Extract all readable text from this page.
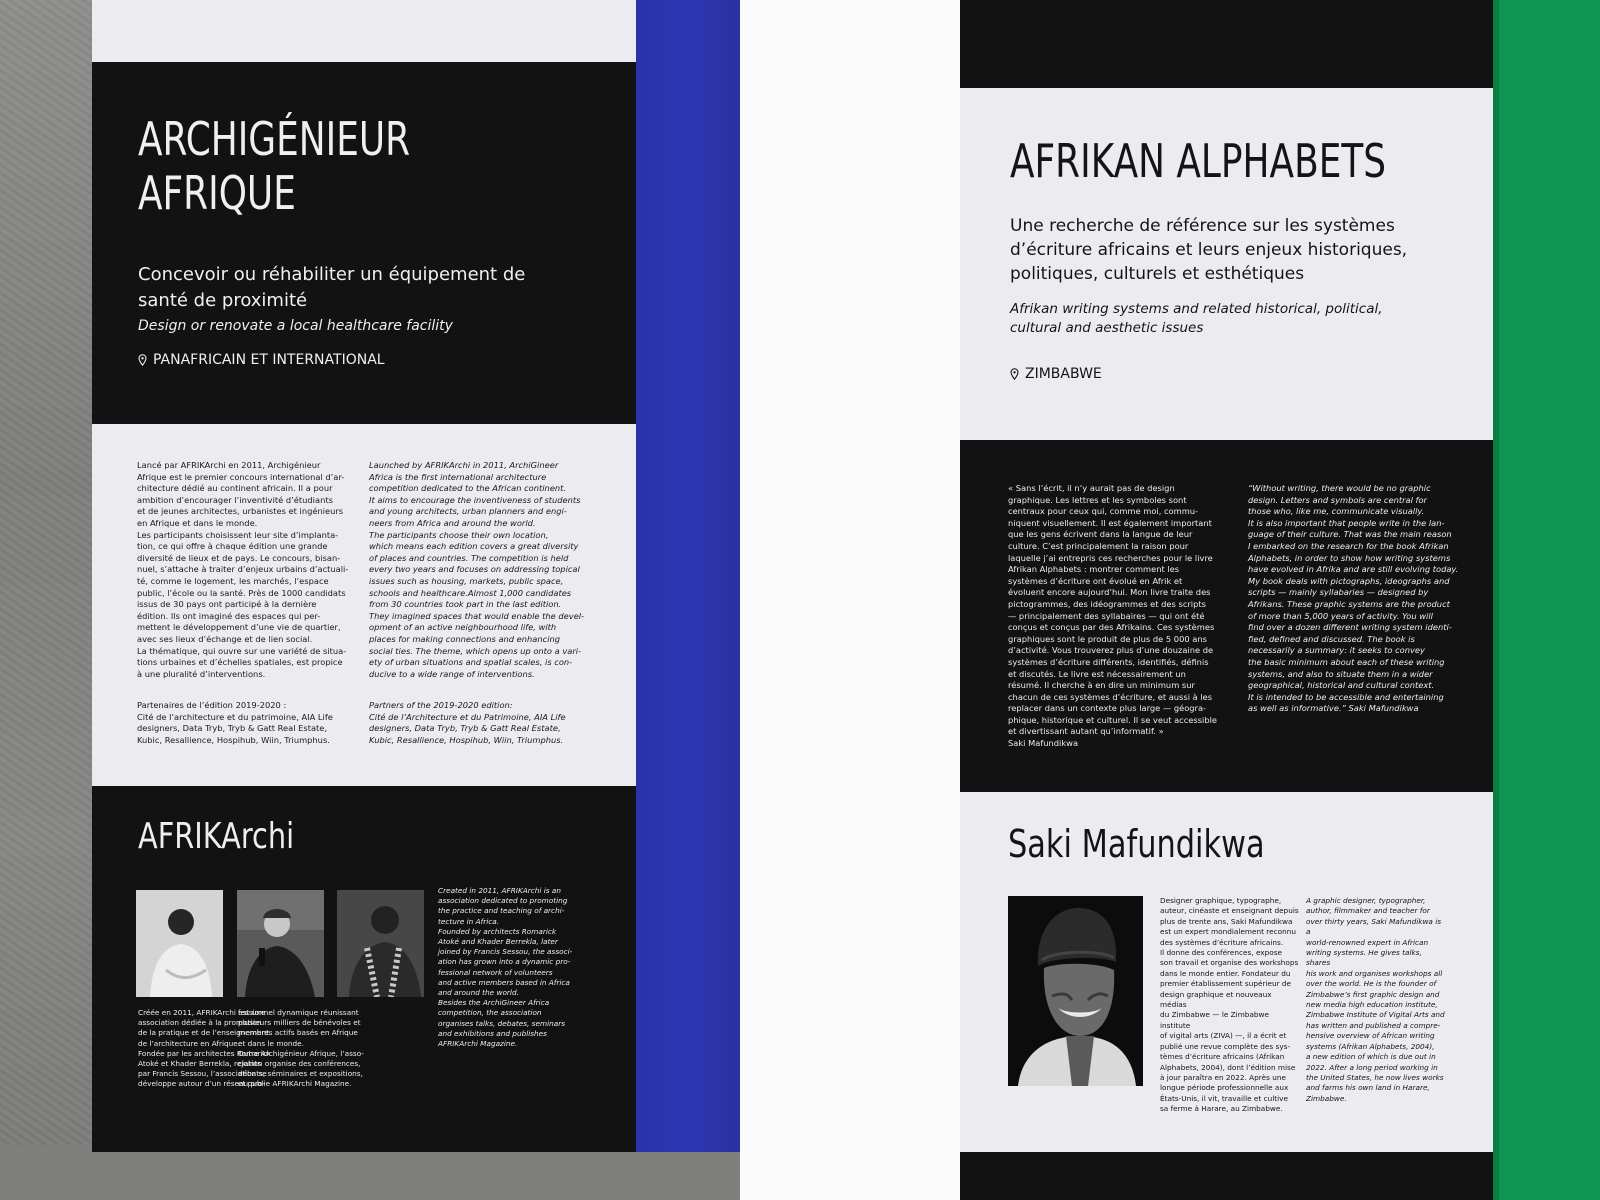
ARCHIGÉNIEUR
AFRIQUE
Concevoir ou réhabiliter un équipement de santé de proximité
Design or renovate a local healthcare facility
PANAFRICAIN ET INTERNATIONAL
Lancé par AFRIKArchi en 2011, Archigénieur
Afrique est le premier concours international d’ar-
chitecture dédié au continent africain. Il a pour
ambition d’encourager l’inventivité d’étudiants
et de jeunes architectes, urbanistes et ingénieurs
en Afrique et dans le monde.
Les participants choisissent leur site d’implanta-
tion, ce qui offre à chaque édition une grande
diversité de lieux et de pays. Le concours, bisan-
nuel, s’attache à traiter d’enjeux urbains d’actuali-
té, comme le logement, les marchés, l’espace
public, l’école ou la santé. Près de 1000 candidats
issus de 30 pays ont participé à la dernière
édition. Ils ont imaginé des espaces qui per-
mettent le développement d’une vie de quartier,
avec ses lieux d’échange et de lien social.
La thématique, qui ouvre sur une variété de situa-
tions urbaines et d’échelles spatiales, est propice
à une pluralité d’interventions.
Partenaires de l’édition 2019-2020 :
Cité de l’architecture et du patrimoine, AIA Life
designers, Data Tryb, Tryb & Gatt Real Estate,
Kubic, Resallience, Hospihub, Wiin, Triumphus.
Launched by AFRIKArchi in 2011, ArchiGineer
Africa is the first international architecture
competition dedicated to the African continent.
It aims to encourage the inventiveness of students
and young architects, urban planners and engi-
neers from Africa and around the world.
The participants choose their own location,
which means each edition covers a great diversity
of places and countries. The competition is held
every two years and focuses on addressing topical
issues such as housing, markets, public space,
schools and healthcare.Almost 1,000 candidates
from 30 countries took part in the last edition.
They imagined spaces that would enable the devel-
opment of an active neighbourhood life, with
places for making connections and enhancing
social ties. The theme, which opens up onto a vari-
ety of urban situations and spatial scales, is con-
ducive to a wide range of interventions.
Partners of the 2019-2020 edition:
Cité de l’Architecture et du Patrimoine, AIA Life
designers, Data Tryb, Tryb & Gatt Real Estate,
Kubic, Resallience, Hospihub, Wiin, Triumphus.
AFRIKArchi
Créée en 2011, AFRIKArchi est une
association dédiée à la promotion
de la pratique et de l’enseignement
de l’architecture en Afrique.
Fondée par les architectes Romarick
Atoké et Khader Berrekla, rejoints
par Francis Sessou, l’association se
développe autour d’un réseau pro-
fessionnel dynamique réunissant
plusieurs milliers de bénévoles et
membres actifs basés en Afrique
et dans le monde.
Outre Archigénieur Afrique, l’asso-
ciation organise des conférences,
débats, séminaires et expositions,
et publie AFRIKArchi Magazine.
Created in 2011, AFRIKArchi is an
association dedicated to promoting
the practice and teaching of archi-
tecture in Africa.
Founded by architects Romarick
Atoké and Khader Berrekla, later
joined by Francis Sessou, the associ-
ation has grown into a dynamic pro-
fessional network of volunteers
and active members based in Africa
and around the world.
Besides the ArchiGineer Africa
competition, the association
organises talks, debates, seminars
and exhibitions and publishes
AFRIKArchi Magazine.
AFRIKAN ALPHABETS
Une recherche de référence sur les systèmes d’écriture africains et leurs enjeux historiques, politiques, culturels et esthétiques
Afrikan writing systems and related historical, political, cultural and aesthetic issues
ZIMBABWE
« Sans l’écrit, il n’y aurait pas de design
graphique. Les lettres et les symboles sont
centraux pour ceux qui, comme moi, commu-
niquent visuellement. Il est également important
que les gens écrivent dans la langue de leur
culture. C’est principalement la raison pour
laquelle j’ai entrepris ces recherches pour le livre
Afrikan Alphabets : montrer comment les
systèmes d’écriture ont évolué en Afrik et
évoluent encore aujourd’hui. Mon livre traite des
pictogrammes, des idéogrammes et des scripts
— principalement des syllabaires — qui ont été
conçus et conçus par des Afrikains. Ces systèmes
graphiques sont le produit de plus de 5 000 ans
d’activité. Vous trouverez plus d’une douzaine de
systèmes d’écriture différents, identifiés, définis
et discutés. Le livre est nécessairement un
résumé. Il cherche à en dire un minimum sur
chacun de ces systèmes d’écriture, et aussi à les
replacer dans un contexte plus large — géogra-
phique, historique et culturel. Il se veut accessible
et divertissant autant qu’informatif. »
Saki Mafundikwa
“Without writing, there would be no graphic
design. Letters and symbols are central for
those who, like me, communicate visually.
It is also important that people write in the lan-
guage of their culture. That was the main reason
I embarked on the research for the book Afrikan
Alphabets, in order to show how writing systems
have evolved in Afrika and are still evolving today.
My book deals with pictographs, ideographs and
scripts — mainly syllabaries — designed by
Afrikans. These graphic systems are the product
of more than 5,000 years of activity. You will
find over a dozen different writing system identi-
fied, defined and discussed. The book is
necessarily a summary: it seeks to convey
the basic minimum about each of these writing
systems, and also to situate them in a wider
geographical, historical and cultural context.
It is intended to be accessible and entertaining
as well as informative.” Saki Mafundikwa
Saki Mafundikwa
Designer graphique, typographe,
auteur, cinéaste et enseignant depuis
plus de trente ans, Saki Mafundikwa
est un expert mondialement reconnu
des systèmes d’écriture africains.
Il donne des conférences, expose
son travail et organise des workshops
dans le monde entier. Fondateur du
premier établissement supérieur de
design graphique et nouveaux médias
du Zimbabwe — le Zimbabwe institute
of vigital arts (ZIVA) —, il a écrit et
publié une revue complète des sys-
tèmes d’écriture africains (Afrikan
Alphabets, 2004), dont l’édition mise
à jour paraîtra en 2022. Après une
longue période professionnelle aux
États-Unis, il vit, travaille et cultive
sa ferme à Harare, au Zimbabwe.
A graphic designer, typographer,
author, filmmaker and teacher for
over thirty years, Saki Mafundikwa is a
world-renowned expert in African
writing systems. He gives talks, shares
his work and organises workshops all
over the world. He is the founder of
Zimbabwe’s first graphic design and
new media high education institute,
Zimbabwe Institute of Vigital Arts and
has written and published a compre-
hensive overview of African writing
systems (Afrikan Alphabets, 2004),
a new edition of which is due out in
2022. After a long period working in
the United States, he now lives works
and farms his own land in Harare,
Zimbabwe.
